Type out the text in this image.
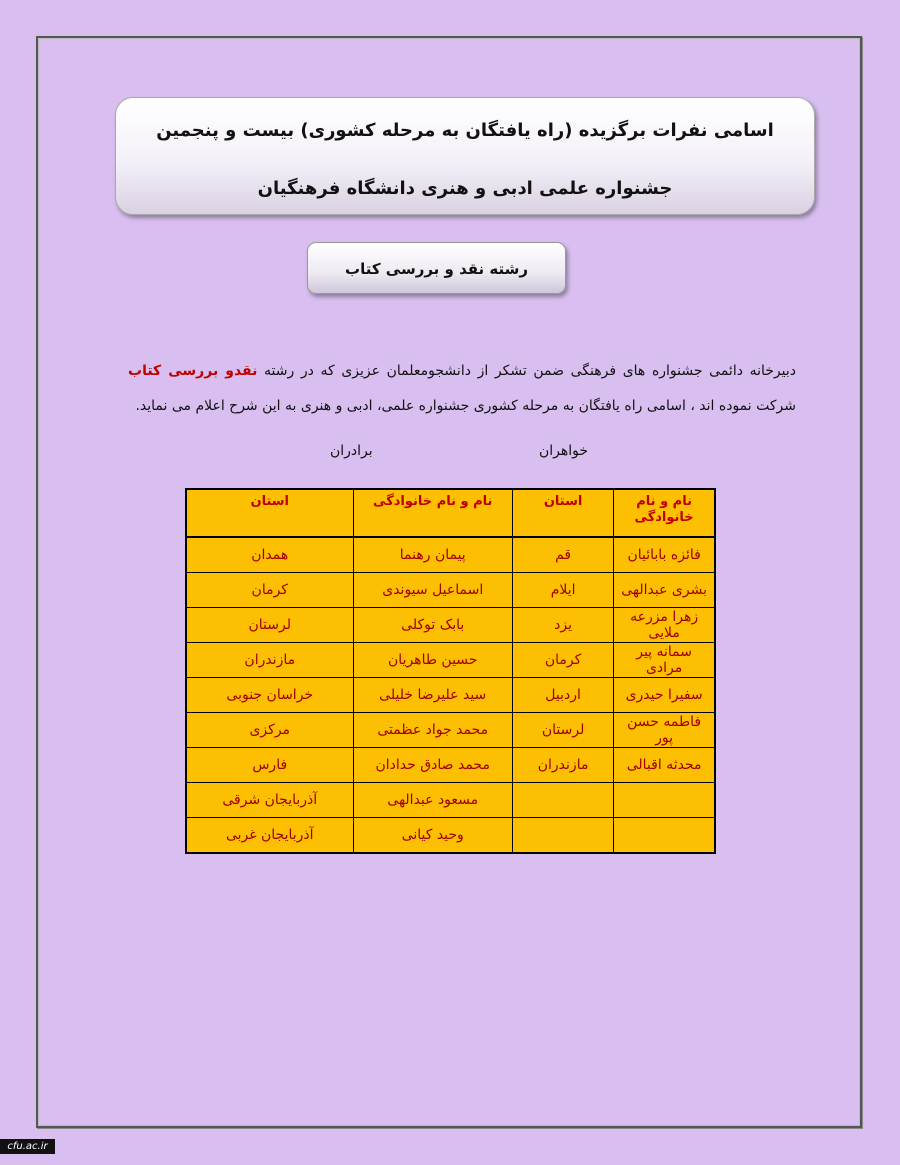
اسامی نفرات برگزیده (راه یافتگان به مرحله کشوری) بیست و پنجمین
جشنواره علمی ادبی و هنری دانشگاه فرهنگیان
رشته نقد و بررسی کتاب
دبیرخانه دائمی جشنواره های فرهنگی ضمن تشکر از دانشجومعلمان عزیزی که در رشته نقدو بررسی کتاب شرکت نموده اند ، اسامی راه یافتگان به مرحله کشوری جشنواره علمی، ادبی و هنری به این شرح اعلام می نماید.
خواهران
برادران
نام و نام خانوادگی	استان	نام و نام خانوادگی	استان
فائزه بابائیان	قم	پیمان رهنما	همدان
بشری عبدالهی	ایلام	اسماعیل سیوندی	کرمان
زهرا مزرعه ملایی	یزد	بابک توکلی	لرستان
سمانه پیر مرادی	کرمان	حسین طاهریان	مازندران
سفیرا حیدری	اردبیل	سید علیرضا خلیلی	خراسان جنوبی
فاطمه حسن پور	لرستان	محمد جواد عظمتی	مرکزی
محدثه اقبالی	مازندران	محمد صادق حدادان	فارس
		مسعود عبدالهی	آذربایجان شرقی
		وحید کیانی	آذربایجان غربی
cfu.ac.ir
